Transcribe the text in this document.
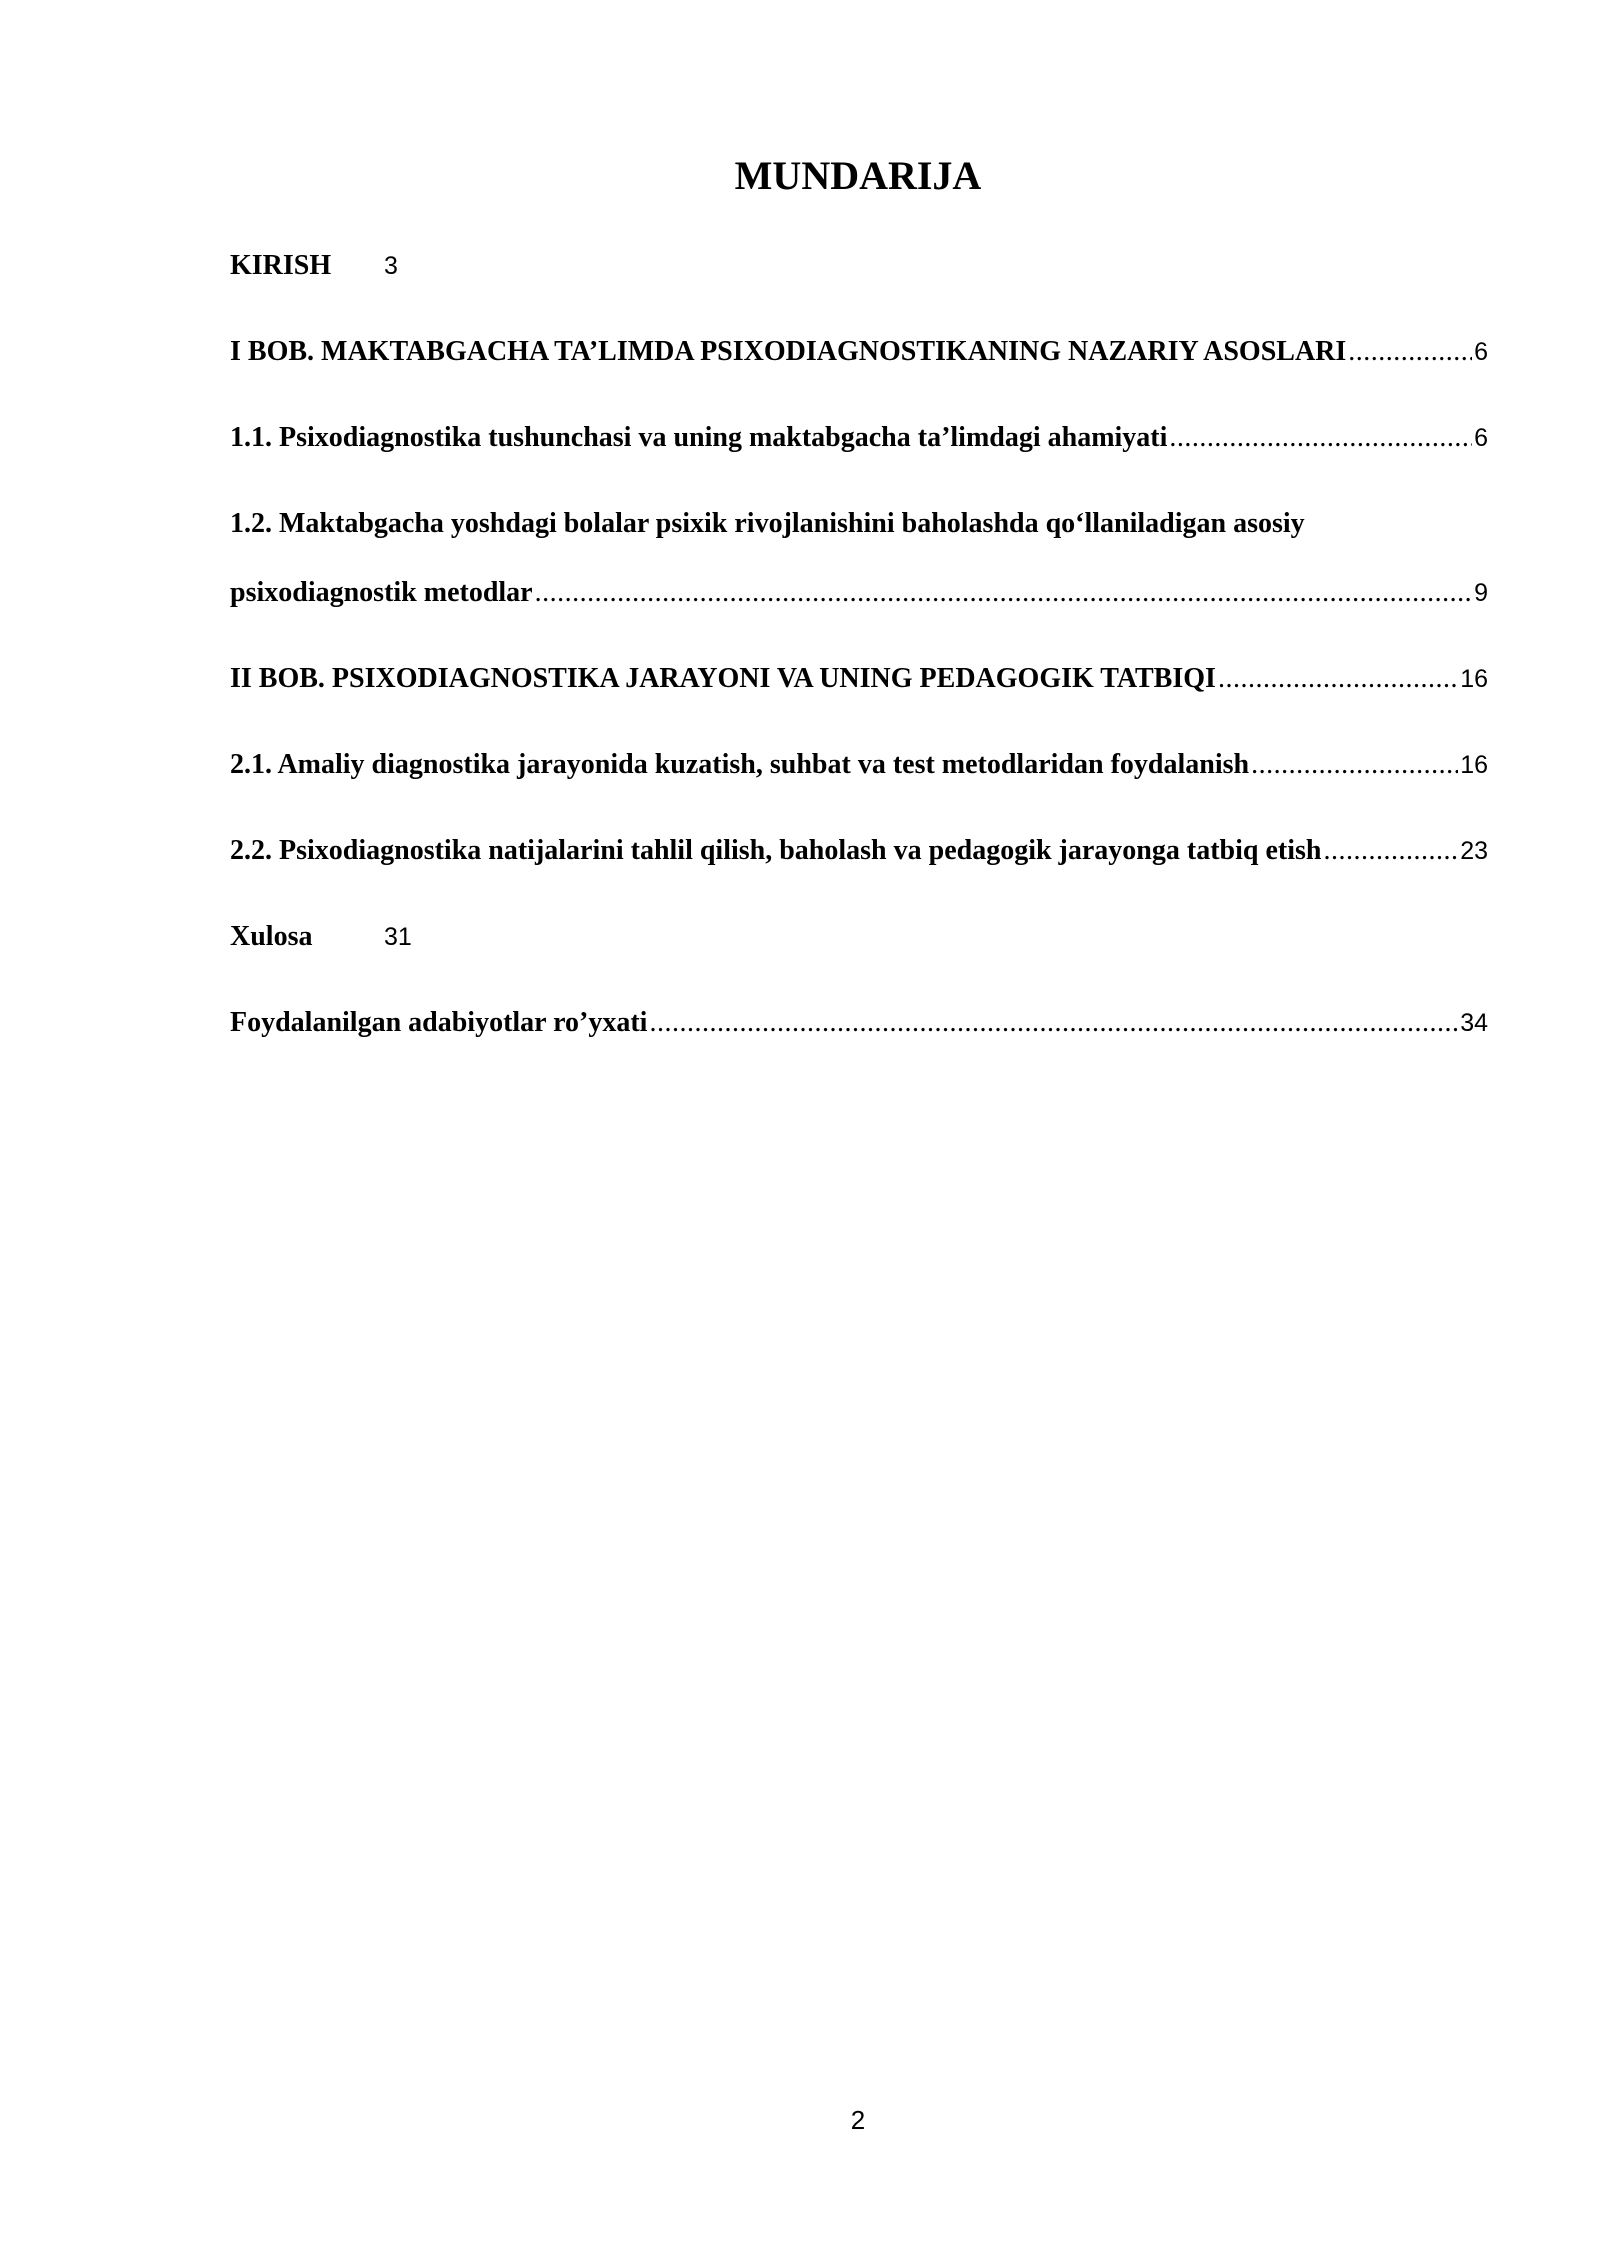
MUNDARIJA
KIRISH	3
I BOB. MAKTABGACHA TA’LIMDA PSIXODIAGNOSTIKANING NAZARIY ASOSLARI .....	6
1.1. Psixodiagnostika tushunchasi va uning maktabgacha ta’limdagi ahamiyati .....	6
1.2. Maktabgacha yoshdagi bolalar psixik rivojlanishini baholashda qo‘llaniladigan asosiy
psixodiagnostik metodlar .....	9
II BOB. PSIXODIAGNOSTIKA JARAYONI VA UNING PEDAGOGIK TATBIQI .....	16
2.1. Amaliy diagnostika jarayonida kuzatish, suhbat va test metodlaridan foydalanish .....	16
2.2. Psixodiagnostika natijalarini tahlil qilish, baholash va pedagogik jarayonga tatbiq etish .....	23
Xulosa	31
Foydalanilgan adabiyotlar ro’yxati .....	34
2
